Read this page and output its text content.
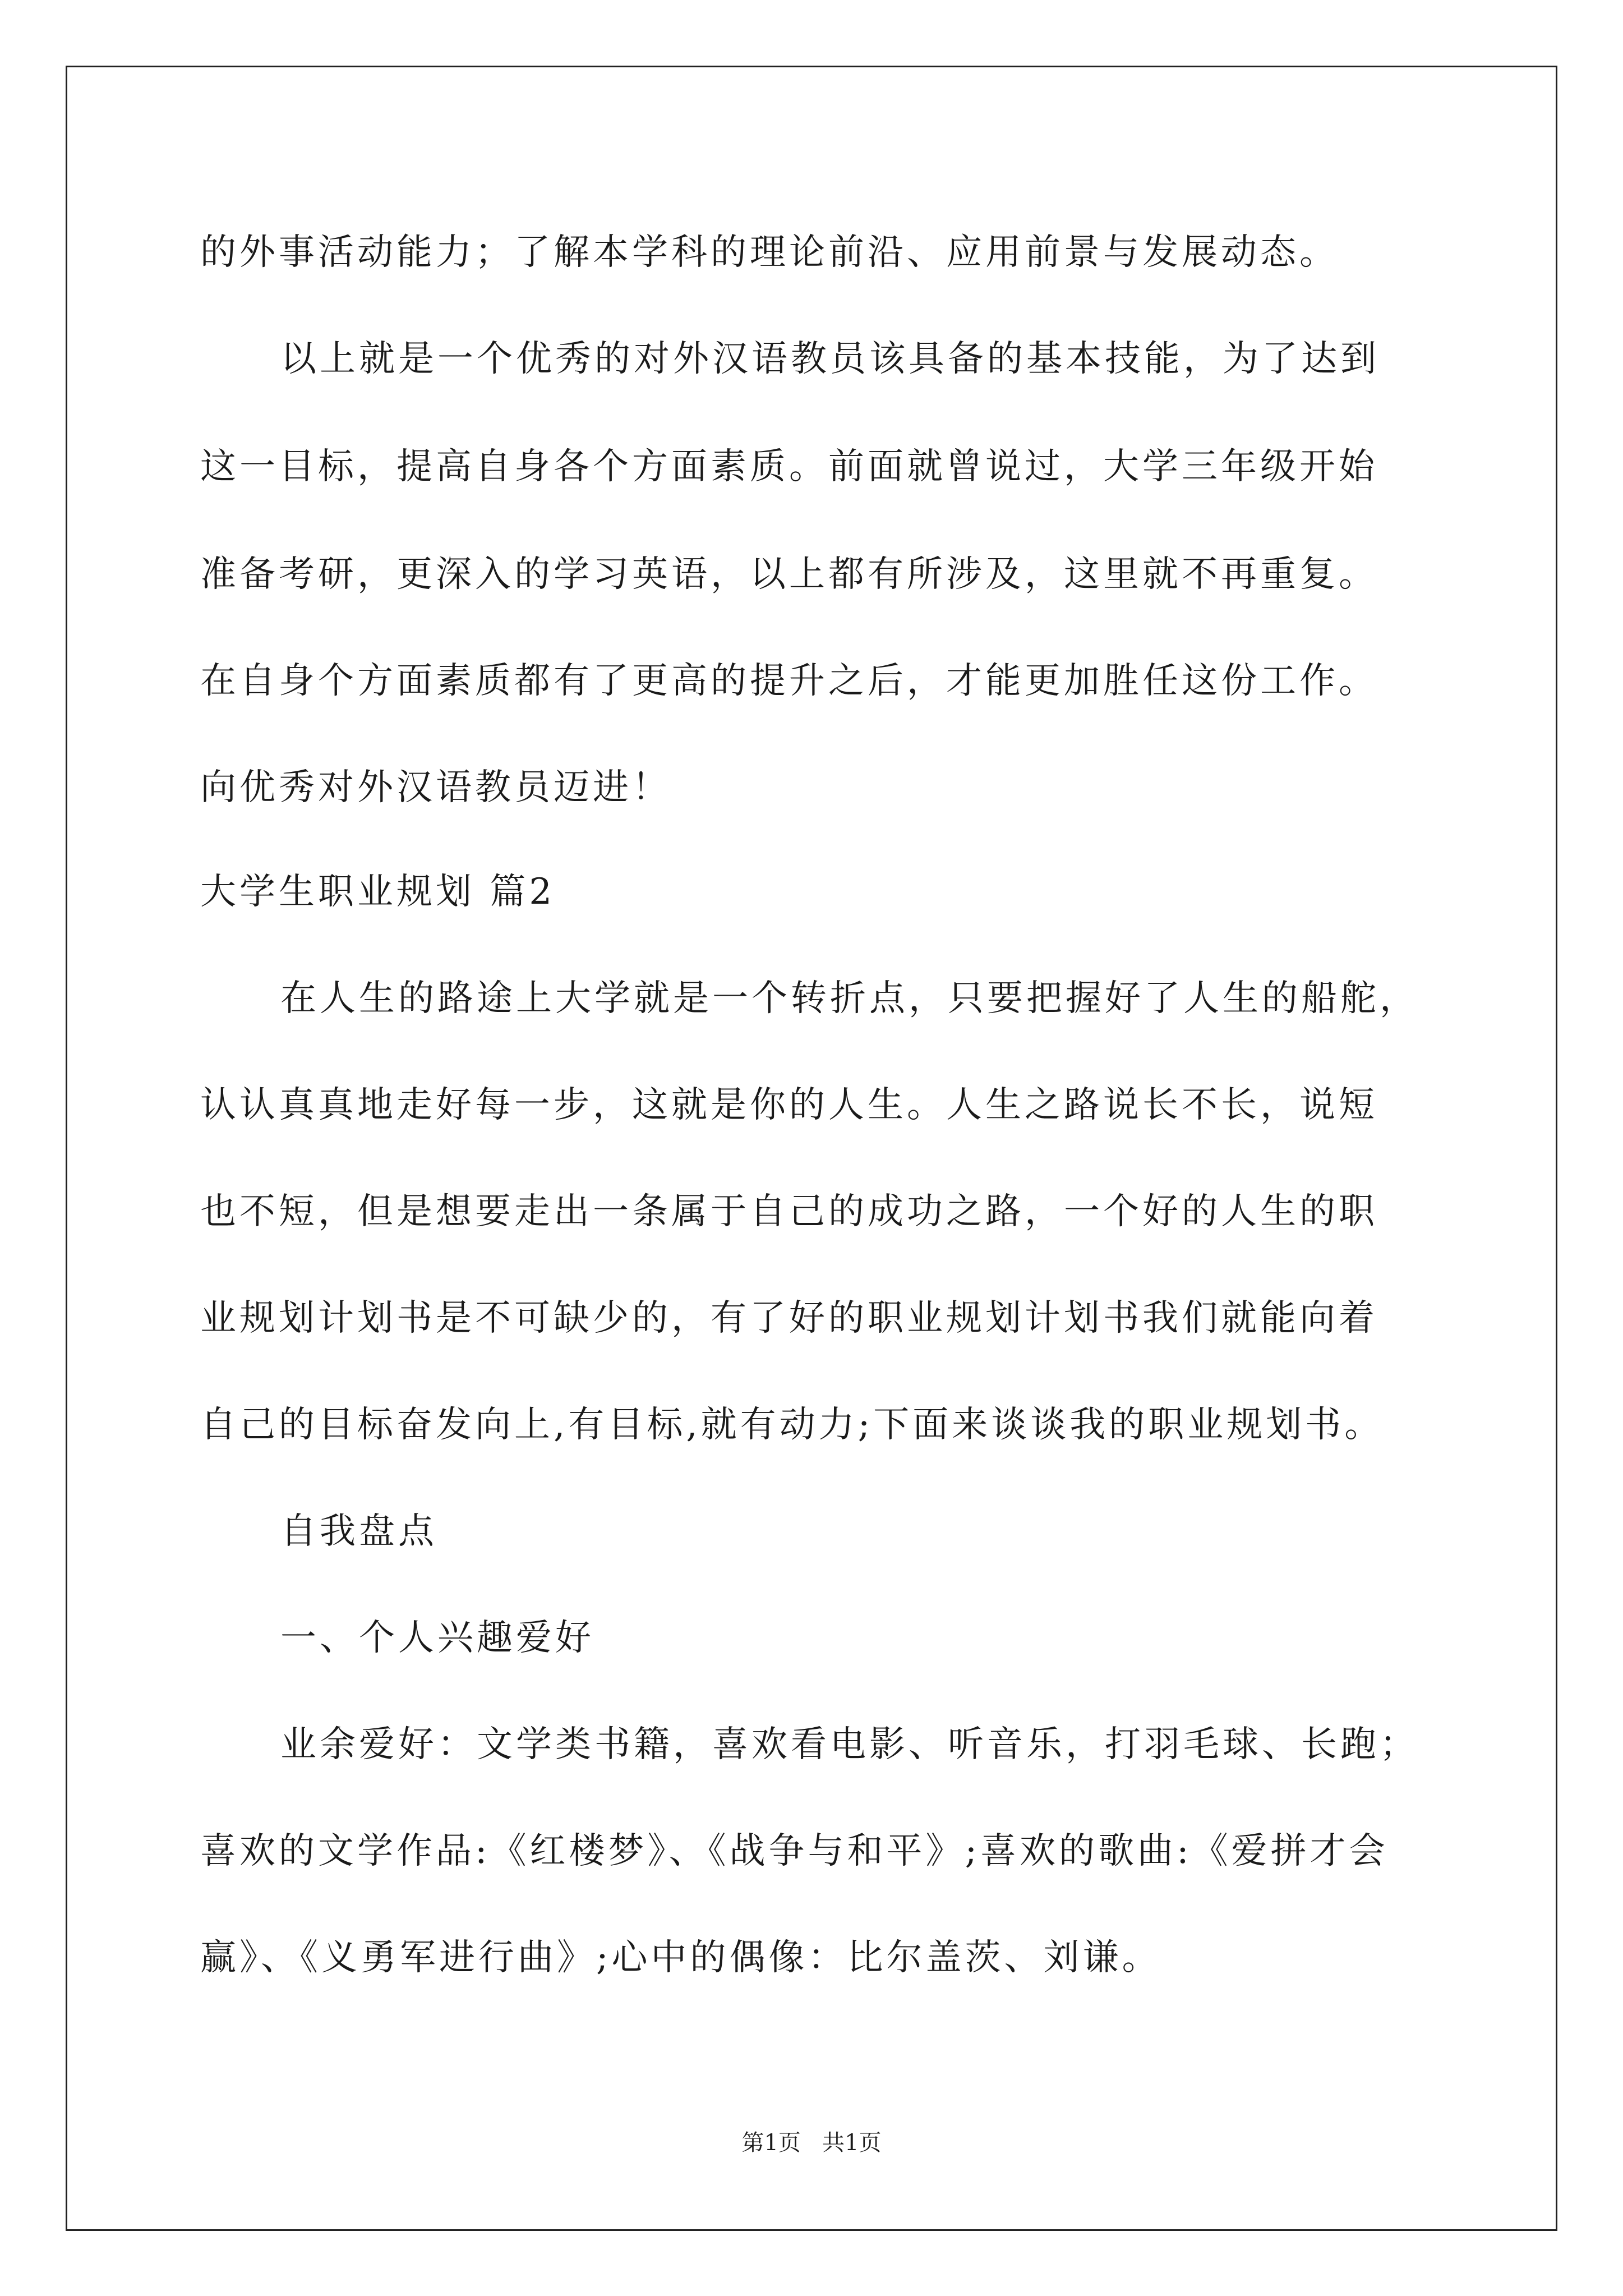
的外事活动能力；了解本学科的理论前沿、应用前景与发展动态。
以上就是一个优秀的对外汉语教员该具备的基本技能，为了达到
这一目标，提高自身各个方面素质。前面就曾说过，大学三年级开始
准备考研，更深入的学习英语，以上都有所涉及，这里就不再重复。
在自身个方面素质都有了更高的提升之后，才能更加胜任这份工作。
向优秀对外汉语教员迈进！
大学生职业规划 篇2
在人生的路途上大学就是一个转折点，只要把握好了人生的船舵，
认认真真地走好每一步，这就是你的人生。人生之路说长不长，说短
也不短，但是想要走出一条属于自己的成功之路，一个好的人生的职
业规划计划书是不可缺少的，有了好的职业规划计划书我们就能向着
自己的目标奋发向上,有目标,就有动力;下面来谈谈我的职业规划书。
自我盘点
一、个人兴趣爱好
业余爱好：文学类书籍，喜欢看电影、听音乐，打羽毛球、长跑；
喜欢的文学作品:《红楼梦》、《战争与和平》;喜欢的歌曲:《爱拼才会
赢》、《义勇军进行曲》;心中的偶像：比尔盖茨、刘谦。
第1页   共1页
